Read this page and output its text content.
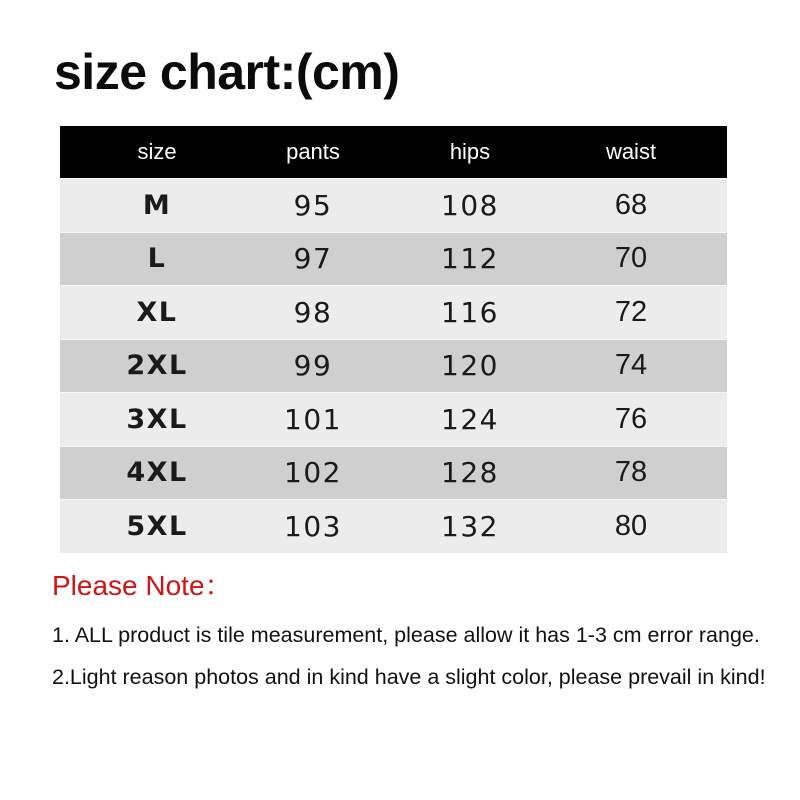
size chart:(cm)
size	pants	hips	waist
M	95	108	68
L	97	112	70
XL	98	116	72
2XL	99	120	74
3XL	101	124	76
4XL	102	128	78
5XL	103	132	80
Please Note：

1. ALL product is tile measurement, please allow it has 1-3 cm error range.

2.Light reason photos and in kind have a slight color, please prevail in kind!
